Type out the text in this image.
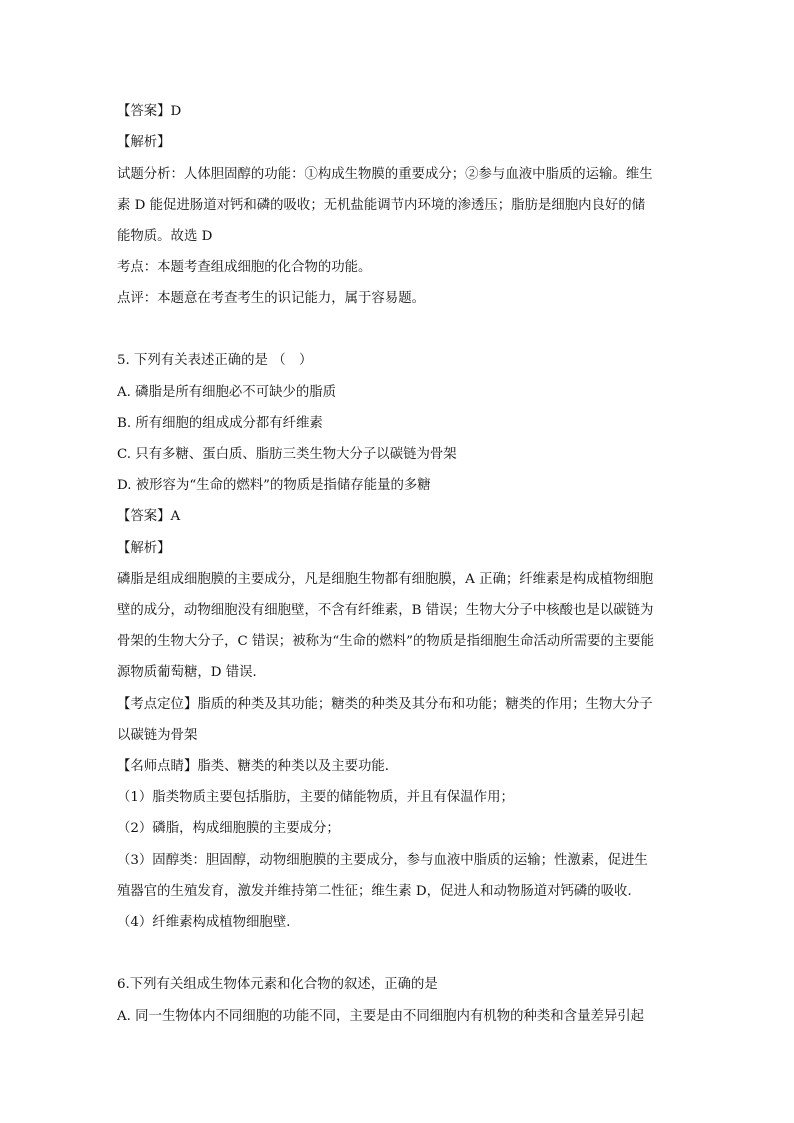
【答案】D
【解析】
试题分析：人体胆固醇的功能：①构成生物膜的重要成分；②参与血液中脂质的运输。维生
素 D 能促进肠道对钙和磷的吸收；无机盐能调节内环境的渗透压；脂肪是细胞内良好的储
能物质。故选 D
考点：本题考查组成细胞的化合物的功能。
点评：本题意在考查考生的识记能力，属于容易题。
5. 下列有关表述正确的是 （　）
A. 磷脂是所有细胞必不可缺少的脂质
B. 所有细胞的组成成分都有纤维素
C. 只有多糖、蛋白质、脂肪三类生物大分子以碳链为骨架
D. 被形容为“生命的燃料”的物质是指储存能量的多糖
【答案】A
【解析】
磷脂是组成细胞膜的主要成分，凡是细胞生物都有细胞膜，A 正确；纤维素是构成植物细胞
壁的成分，动物细胞没有细胞壁，不含有纤维素，B 错误；生物大分子中核酸也是以碳链为
骨架的生物大分子，C 错误；被称为“生命的燃料”的物质是指细胞生命活动所需要的主要能
源物质葡萄糖，D 错误．
【考点定位】脂质的种类及其功能；糖类的种类及其分布和功能；糖类的作用；生物大分子
以碳链为骨架
【名师点睛】脂类、糖类的种类以及主要功能．
（1）脂类物质主要包括脂肪，主要的储能物质，并且有保温作用；
（2）磷脂，构成细胞膜的主要成分；
（3）固醇类：胆固醇，动物细胞膜的主要成分，参与血液中脂质的运输；性激素，促进生
殖器官的生殖发育，激发并维持第二性征；维生素 D，促进人和动物肠道对钙磷的吸收．
（4）纤维素构成植物细胞壁．
6.下列有关组成生物体元素和化合物的叙述，正确的是
A. 同一生物体内不同细胞的功能不同，主要是由不同细胞内有机物的种类和含量差异引起
